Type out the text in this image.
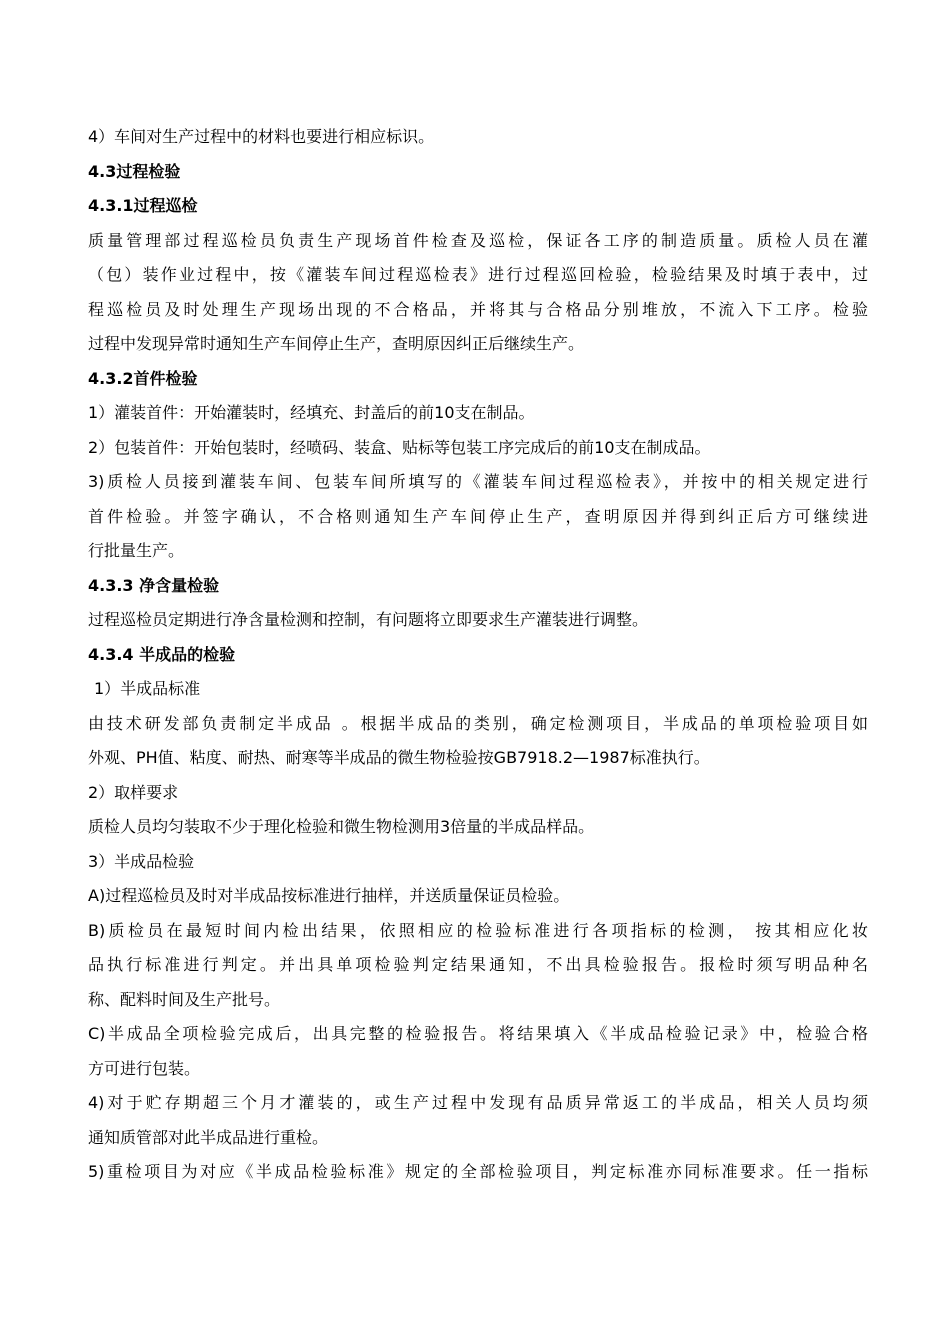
4）车间对生产过程中的材料也要进行相应标识。
4.3过程检验
4.3.1过程巡检
质量管理部过程巡检员负责生产现场首件检查及巡检，保证各工序的制造质量。质检人员在灌
（包）装作业过程中，按《灌装车间过程巡检表》进行过程巡回检验，检验结果及时填于表中，过
程巡检员及时处理生产现场出现的不合格品，并将其与合格品分别堆放，不流入下工序。检验
过程中发现异常时通知生产车间停止生产，查明原因纠正后继续生产。
4.3.2首件检验
1）灌装首件：开始灌装时，经填充、封盖后的前10支在制品。
2）包装首件：开始包装时，经喷码、装盒、贴标等包装工序完成后的前10支在制成品。
3)质检人员接到灌装车间、包装车间所填写的《灌装车间过程巡检表》，并按中的相关规定进行
首件检验。并签字确认，不合格则通知生产车间停止生产，查明原因并得到纠正后方可继续进
行批量生产。
4.3.3 净含量检验
过程巡检员定期进行净含量检测和控制，有问题将立即要求生产灌装进行调整。
4.3.4 半成品的检验
1）半成品标准
由技术研发部负责制定半成品 。根据半成品的类别，确定检测项目，半成品的单项检验项目如
外观、PH值、粘度、耐热、耐寒等半成品的微生物检验按GB7918.2—1987标准执行。
2）取样要求
质检人员均匀装取不少于理化检验和微生物检测用3倍量的半成品样品。
3）半成品检验
A)过程巡检员及时对半成品按标准进行抽样，并送质量保证员检验。
B)质检员在最短时间内检出结果，依照相应的检验标准进行各项指标的检测， 按其相应化妆
品执行标准进行判定。并出具单项检验判定结果通知，不出具检验报告。报检时须写明品种名
称、配料时间及生产批号。
C)半成品全项检验完成后，出具完整的检验报告。将结果填入《半成品检验记录》中，检验合格
方可进行包装。
4)对于贮存期超三个月才灌装的，或生产过程中发现有品质异常返工的半成品，相关人员均须
通知质管部对此半成品进行重检。
5)重检项目为对应《半成品检验标准》规定的全部检验项目，判定标准亦同标准要求。任一指标
